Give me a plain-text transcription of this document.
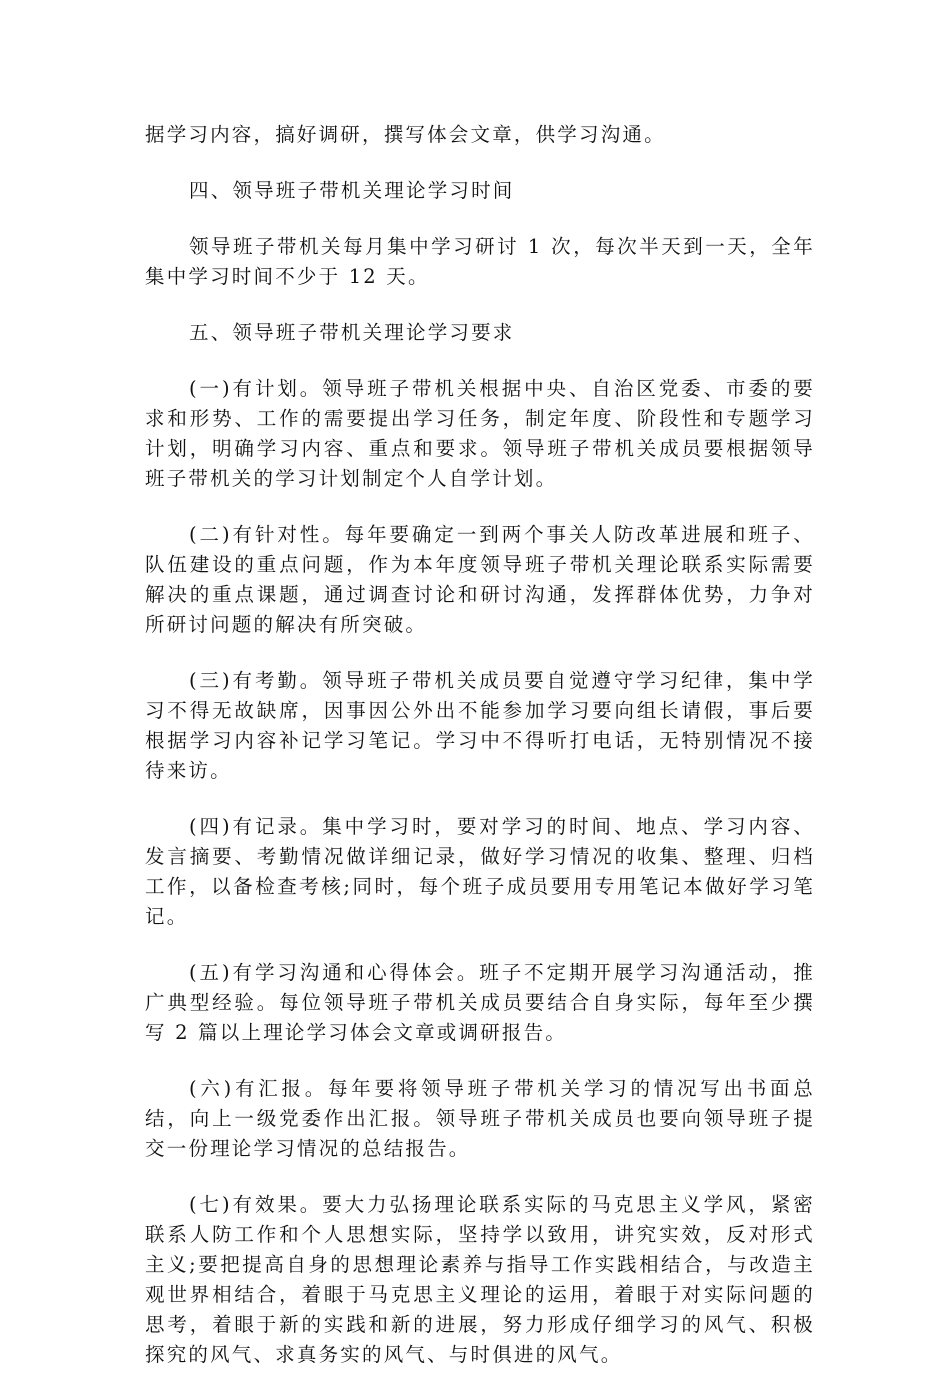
据学习内容，搞好调研，撰写体会文章，供学习沟通。

四、领导班子带机关理论学习时间

领导班子带机关每月集中学习研讨 1 次，每次半天到一天，全年集中学习时间不少于 12 天。

五、领导班子带机关理论学习要求

(一)有计划。领导班子带机关根据中央、自治区党委、市委的要求和形势、工作的需要提出学习任务，制定年度、阶段性和专题学习计划，明确学习内容、重点和要求。领导班子带机关成员要根据领导班子带机关的学习计划制定个人自学计划。

(二)有针对性。每年要确定一到两个事关人防改革进展和班子、队伍建设的重点问题，作为本年度领导班子带机关理论联系实际需要解决的重点课题，通过调查讨论和研讨沟通，发挥群体优势，力争对所研讨问题的解决有所突破。

(三)有考勤。领导班子带机关成员要自觉遵守学习纪律，集中学习不得无故缺席，因事因公外出不能参加学习要向组长请假，事后要根据学习内容补记学习笔记。学习中不得听打电话，无特别情况不接待来访。

(四)有记录。集中学习时，要对学习的时间、地点、学习内容、发言摘要、考勤情况做详细记录，做好学习情况的收集、整理、归档工作，以备检查考核;同时，每个班子成员要用专用笔记本做好学习笔记。

(五)有学习沟通和心得体会。班子不定期开展学习沟通活动，推广典型经验。每位领导班子带机关成员要结合自身实际，每年至少撰写 2 篇以上理论学习体会文章或调研报告。

(六)有汇报。每年要将领导班子带机关学习的情况写出书面总结，向上一级党委作出汇报。领导班子带机关成员也要向领导班子提交一份理论学习情况的总结报告。

(七)有效果。要大力弘扬理论联系实际的马克思主义学风，紧密联系人防工作和个人思想实际，坚持学以致用，讲究实效，反对形式主义;要把提高自身的思想理论素养与指导工作实践相结合，与改造主观世界相结合，着眼于马克思主义理论的运用，着眼于对实际问题的思考，着眼于新的实践和新的进展，努力形成仔细学习的风气、积极探究的风气、求真务实的风气、与时俱进的风气。
